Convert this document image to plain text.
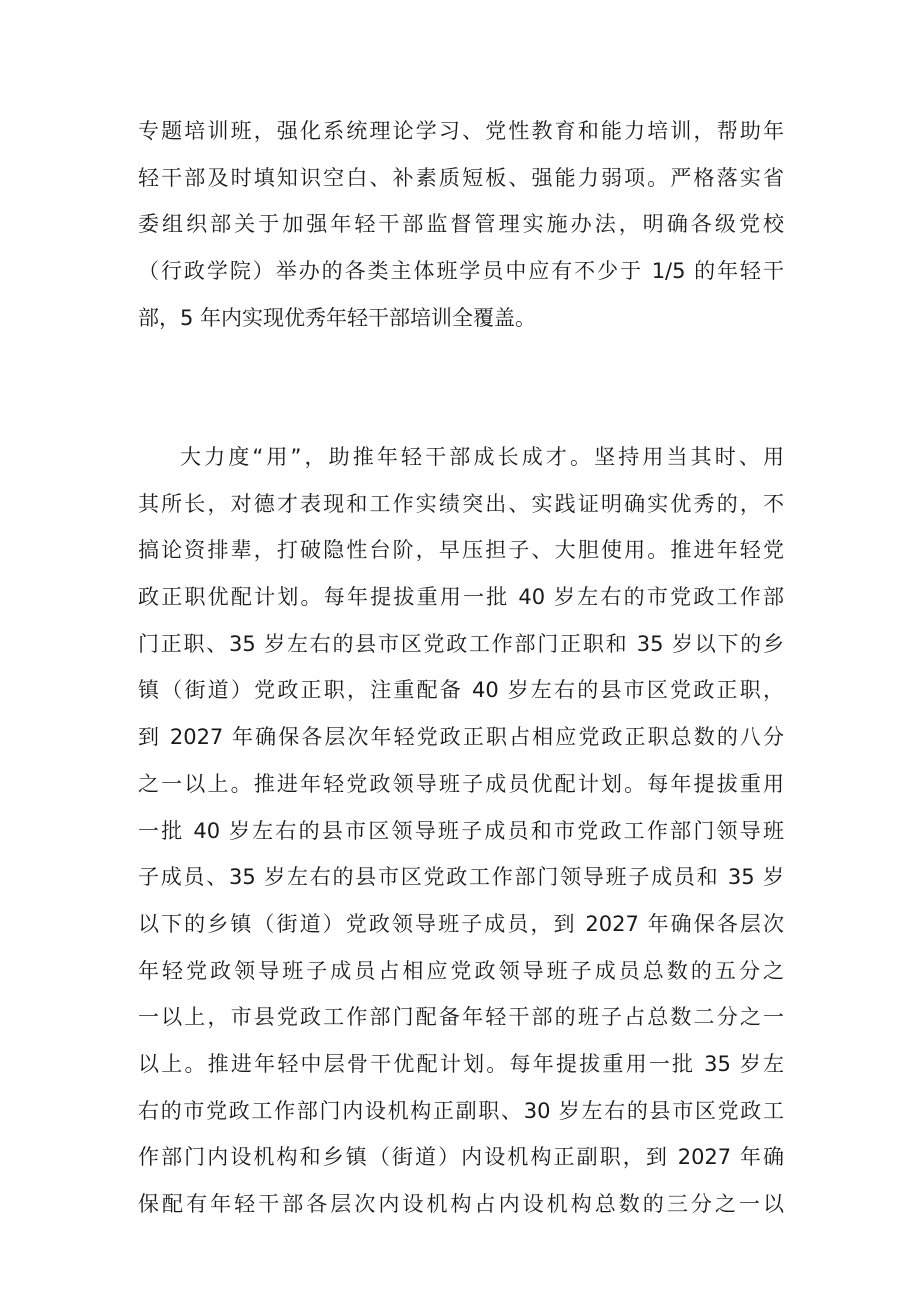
专题培训班，强化系统理论学习、党性教育和能力培训，帮助年
轻干部及时填知识空白、补素质短板、强能力弱项。严格落实省
委组织部关于加强年轻干部监督管理实施办法，明确各级党校
（行政学院）举办的各类主体班学员中应有不少于 1/5 的年轻干
部，5 年内实现优秀年轻干部培训全覆盖。
大力度“用”，助推年轻干部成长成才。坚持用当其时、用
其所长，对德才表现和工作实绩突出、实践证明确实优秀的，不
搞论资排辈，打破隐性台阶，早压担子、大胆使用。推进年轻党
政正职优配计划。每年提拔重用一批 40 岁左右的市党政工作部
门正职、35 岁左右的县市区党政工作部门正职和 35 岁以下的乡
镇（街道）党政正职，注重配备 40 岁左右的县市区党政正职，
到 2027 年确保各层次年轻党政正职占相应党政正职总数的八分
之一以上。推进年轻党政领导班子成员优配计划。每年提拔重用
一批 40 岁左右的县市区领导班子成员和市党政工作部门领导班
子成员、35 岁左右的县市区党政工作部门领导班子成员和 35 岁
以下的乡镇（街道）党政领导班子成员，到 2027 年确保各层次
年轻党政领导班子成员占相应党政领导班子成员总数的五分之
一以上，市县党政工作部门配备年轻干部的班子占总数二分之一
以上。推进年轻中层骨干优配计划。每年提拔重用一批 35 岁左
右的市党政工作部门内设机构正副职、30 岁左右的县市区党政工
作部门内设机构和乡镇（街道）内设机构正副职，到 2027 年确
保配有年轻干部各层次内设机构占内设机构总数的三分之一以
